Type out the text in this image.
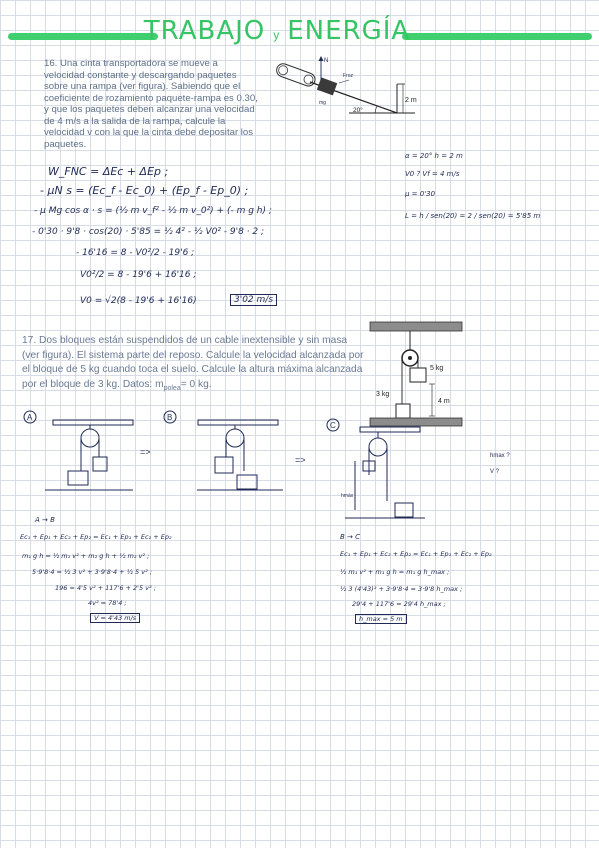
TRABAJO y ENERGÍA
16. Una cinta transportadora se mueve a velocidad constante y descargando paquetes sobre una rampa (ver figura). Sabiendo que el coeficiente de rozamiento paquete-rampa es 0.30, y que los paquetes deben alcanzar una velocidad de 4 m/s a la salida de la rampa, calcule la velocidad v con la que la cinta debe depositar los paquetes.
N
Froz
mg
20°
2 m
W_FNC = ΔEc + ΔEp ;
- μN s = (Ec_f - Ec_0) + (Ep_f - Ep_0) ;
- μ Mg cos α · s = (½ m v_f² - ½ m v_0²) + (- m g h) ;
- 0'30 · 9'8 · cos(20) · 5'85 = ½ 4² - ½ V0² - 9'8 · 2 ;
- 16'16 = 8 - V0²/2 - 19'6 ;
V0²/2 = 8 - 19'6 + 16'16 ;
V0 = √2(8 - 19'6 + 16'16)	3'02 m/s
α = 20° h = 2 m
V0 ? Vf = 4 m/s
μ = 0'30
L = h / sen(20) = 2 / sen(20) = 5'85 m
17. Dos bloques están suspendidos de un cable inextensible y sin masa (ver figura). El sistema parte del reposo. Calcule la velocidad alcanzada por el bloque de 5 kg cuando toca el suelo. Calcule la altura máxima alcanzada por el bloque de 3 kg. Datos: $m_{polea}= 0$ kg.
5 kg
3 kg
4 m
A	B
C
=>
=>
hmáx
hmax ?
V ?
A → B
Ec₁ + Ep₁ + Ec₂ + Ep₂ = Ec₁ + Ep₁ + Ec₂ + Ep₂
m₁ g h = ½ m₁ v² + m₂ g h + ½ m₂ v² ;
5·9'8·4 = ½ 3 v² + 3·9'8·4 + ½ 5 v² ;
196 = 4'5 v² + 117'6 + 2'5 v² ;
4v² = 78'4 ;
V = 4'43 m/s
B → C
Ec₁ + Ep₁ + Ec₂ + Ep₂ = Ec₁ + Ep₁ + Ec₂ + Ep₂
½ m₁ v² + m₁ g h = m₁ g h_max ;
½ 3 (4'43)² + 3·9'8·4 = 3·9'8 h_max ;
29'4 + 117'6 = 29'4 h_max ;
h_max = 5 m
